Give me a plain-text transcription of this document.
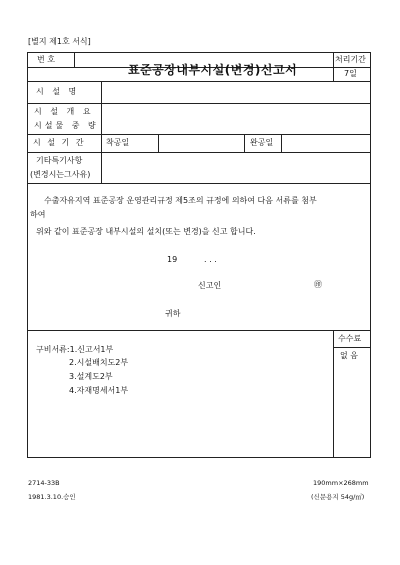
[별지 제1호 서식]
번 호
표준공장내부시설(변경)신고서
처리기간
7일
시 설 명
시 설 개 요
시설물 중 량
시 설 기 간	착공일	완공일
기타특기사항
(변경시는그사유)
수출자유지역 표준공장 운영관리규정 제5조의 규정에 의하여 다음 서류를 첨부
하여
위와 같이 표준공장 내부시설의 설치(또는 변경)을 신고 합니다.
19	. . .
신고인	㊞
귀하
구비서류:1.신고서1부
2.시설배치도2부
3.설계도2부
4.자재명세서1부
수수료
없 음
2714-33B
1981.3.10.승인
190mm×268mm
(신문용지 54g/㎡)
